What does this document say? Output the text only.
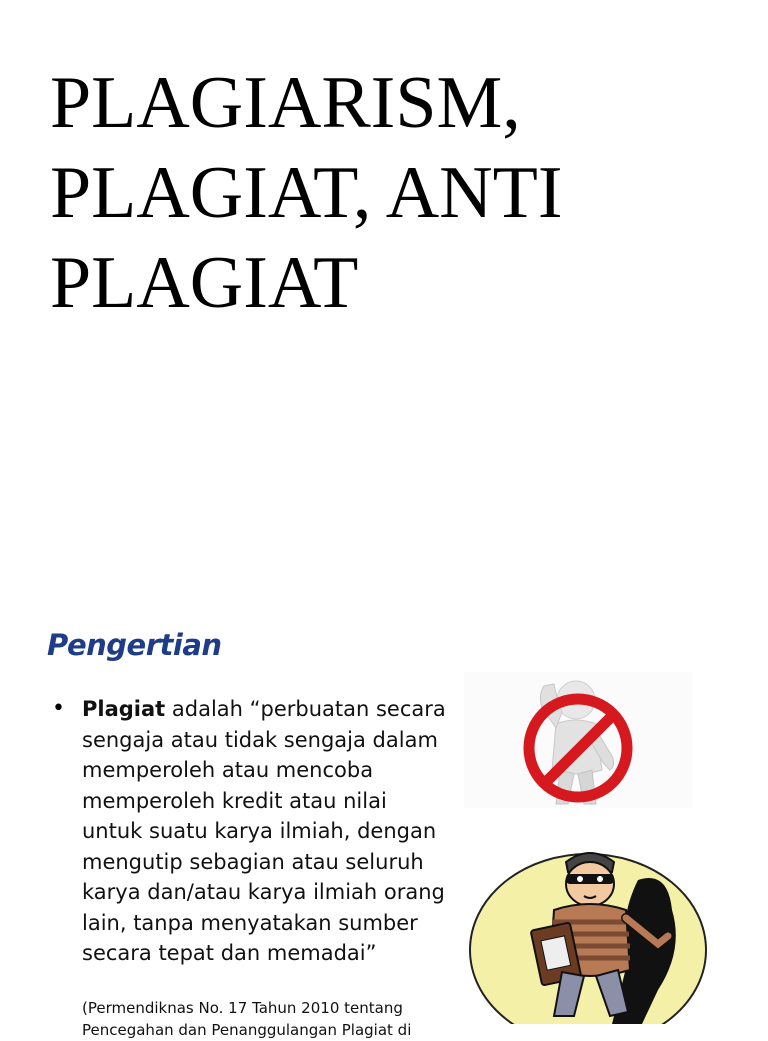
PLAGIARISM,
PLAGIAT, ANTI
PLAGIAT
Pengertian
• Plagiat adalah “perbuatan secara
sengaja atau tidak sengaja dalam
memperoleh atau mencoba
memperoleh kredit atau nilai
untuk suatu karya ilmiah, dengan
mengutip sebagian atau seluruh
karya dan/atau karya ilmiah orang
lain, tanpa menyatakan sumber
secara tepat dan memadai”
(Permendiknas No. 17 Tahun 2010 tentang
Pencegahan dan Penanggulangan Plagiat di
